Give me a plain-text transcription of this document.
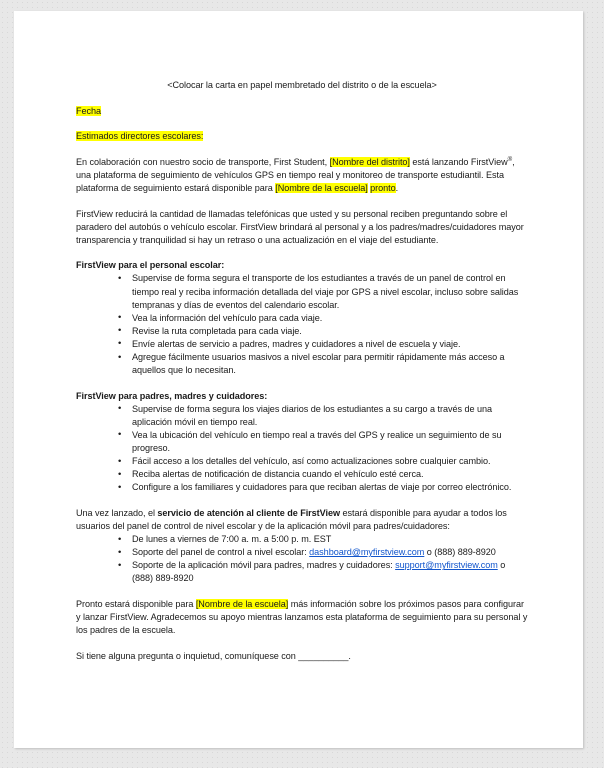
<Colocar la carta en papel membretado del distrito o de la escuela>

Fecha

Estimados directores escolares:

En colaboración con nuestro socio de transporte, First Student, [Nombre del distrito] está lanzando FirstView®, una plataforma de seguimiento de vehículos GPS en tiempo real y monitoreo de transporte estudiantil. Esta plataforma de seguimiento estará disponible para [Nombre de la escuela] pronto.

FirstView reducirá la cantidad de llamadas telefónicas que usted y su personal reciben preguntando sobre el paradero del autobús o vehículo escolar. FirstView brindará al personal y a los padres/madres/cuidadores mayor transparencia y tranquilidad si hay un retraso o una actualización en el viaje del estudiante.

FirstView para el personal escolar:

• Supervise de forma segura el transporte de los estudiantes a través de un panel de control en tiempo real y reciba información detallada del viaje por GPS a nivel escolar, incluso sobre salidas tempranas y días de eventos del calendario escolar.
• Vea la información del vehículo para cada viaje.
• Revise la ruta completada para cada viaje.
• Envíe alertas de servicio a padres, madres y cuidadores a nivel de escuela y viaje.
• Agregue fácilmente usuarios masivos a nivel escolar para permitir rápidamente más acceso a aquellos que lo necesitan.

FirstView para padres, madres y cuidadores:

• Supervise de forma segura los viajes diarios de los estudiantes a su cargo a través de una aplicación móvil en tiempo real.
• Vea la ubicación del vehículo en tiempo real a través del GPS y realice un seguimiento de su progreso.
• Fácil acceso a los detalles del vehículo, así como actualizaciones sobre cualquier cambio.
• Reciba alertas de notificación de distancia cuando el vehículo esté cerca.
• Configure a los familiares y cuidadores para que reciban alertas de viaje por correo electrónico.

Una vez lanzado, el servicio de atención al cliente de FirstView estará disponible para ayudar a todos los usuarios del panel de control de nivel escolar y de la aplicación móvil para padres/cuidadores:

• De lunes a viernes de 7:00 a. m. a 5:00 p. m. EST
• Soporte del panel de control a nivel escolar: dashboard@myfirstview.com o (888) 889-8920
• Soporte de la aplicación móvil para padres, madres y cuidadores: support@myfirstview.com o (888) 889-8920

Pronto estará disponible para [Nombre de la escuela] más información sobre los próximos pasos para configurar y lanzar FirstView. Agradecemos su apoyo mientras lanzamos esta plataforma de seguimiento para su personal y los padres de la escuela.

Si tiene alguna pregunta o inquietud, comuníquese con __________.
